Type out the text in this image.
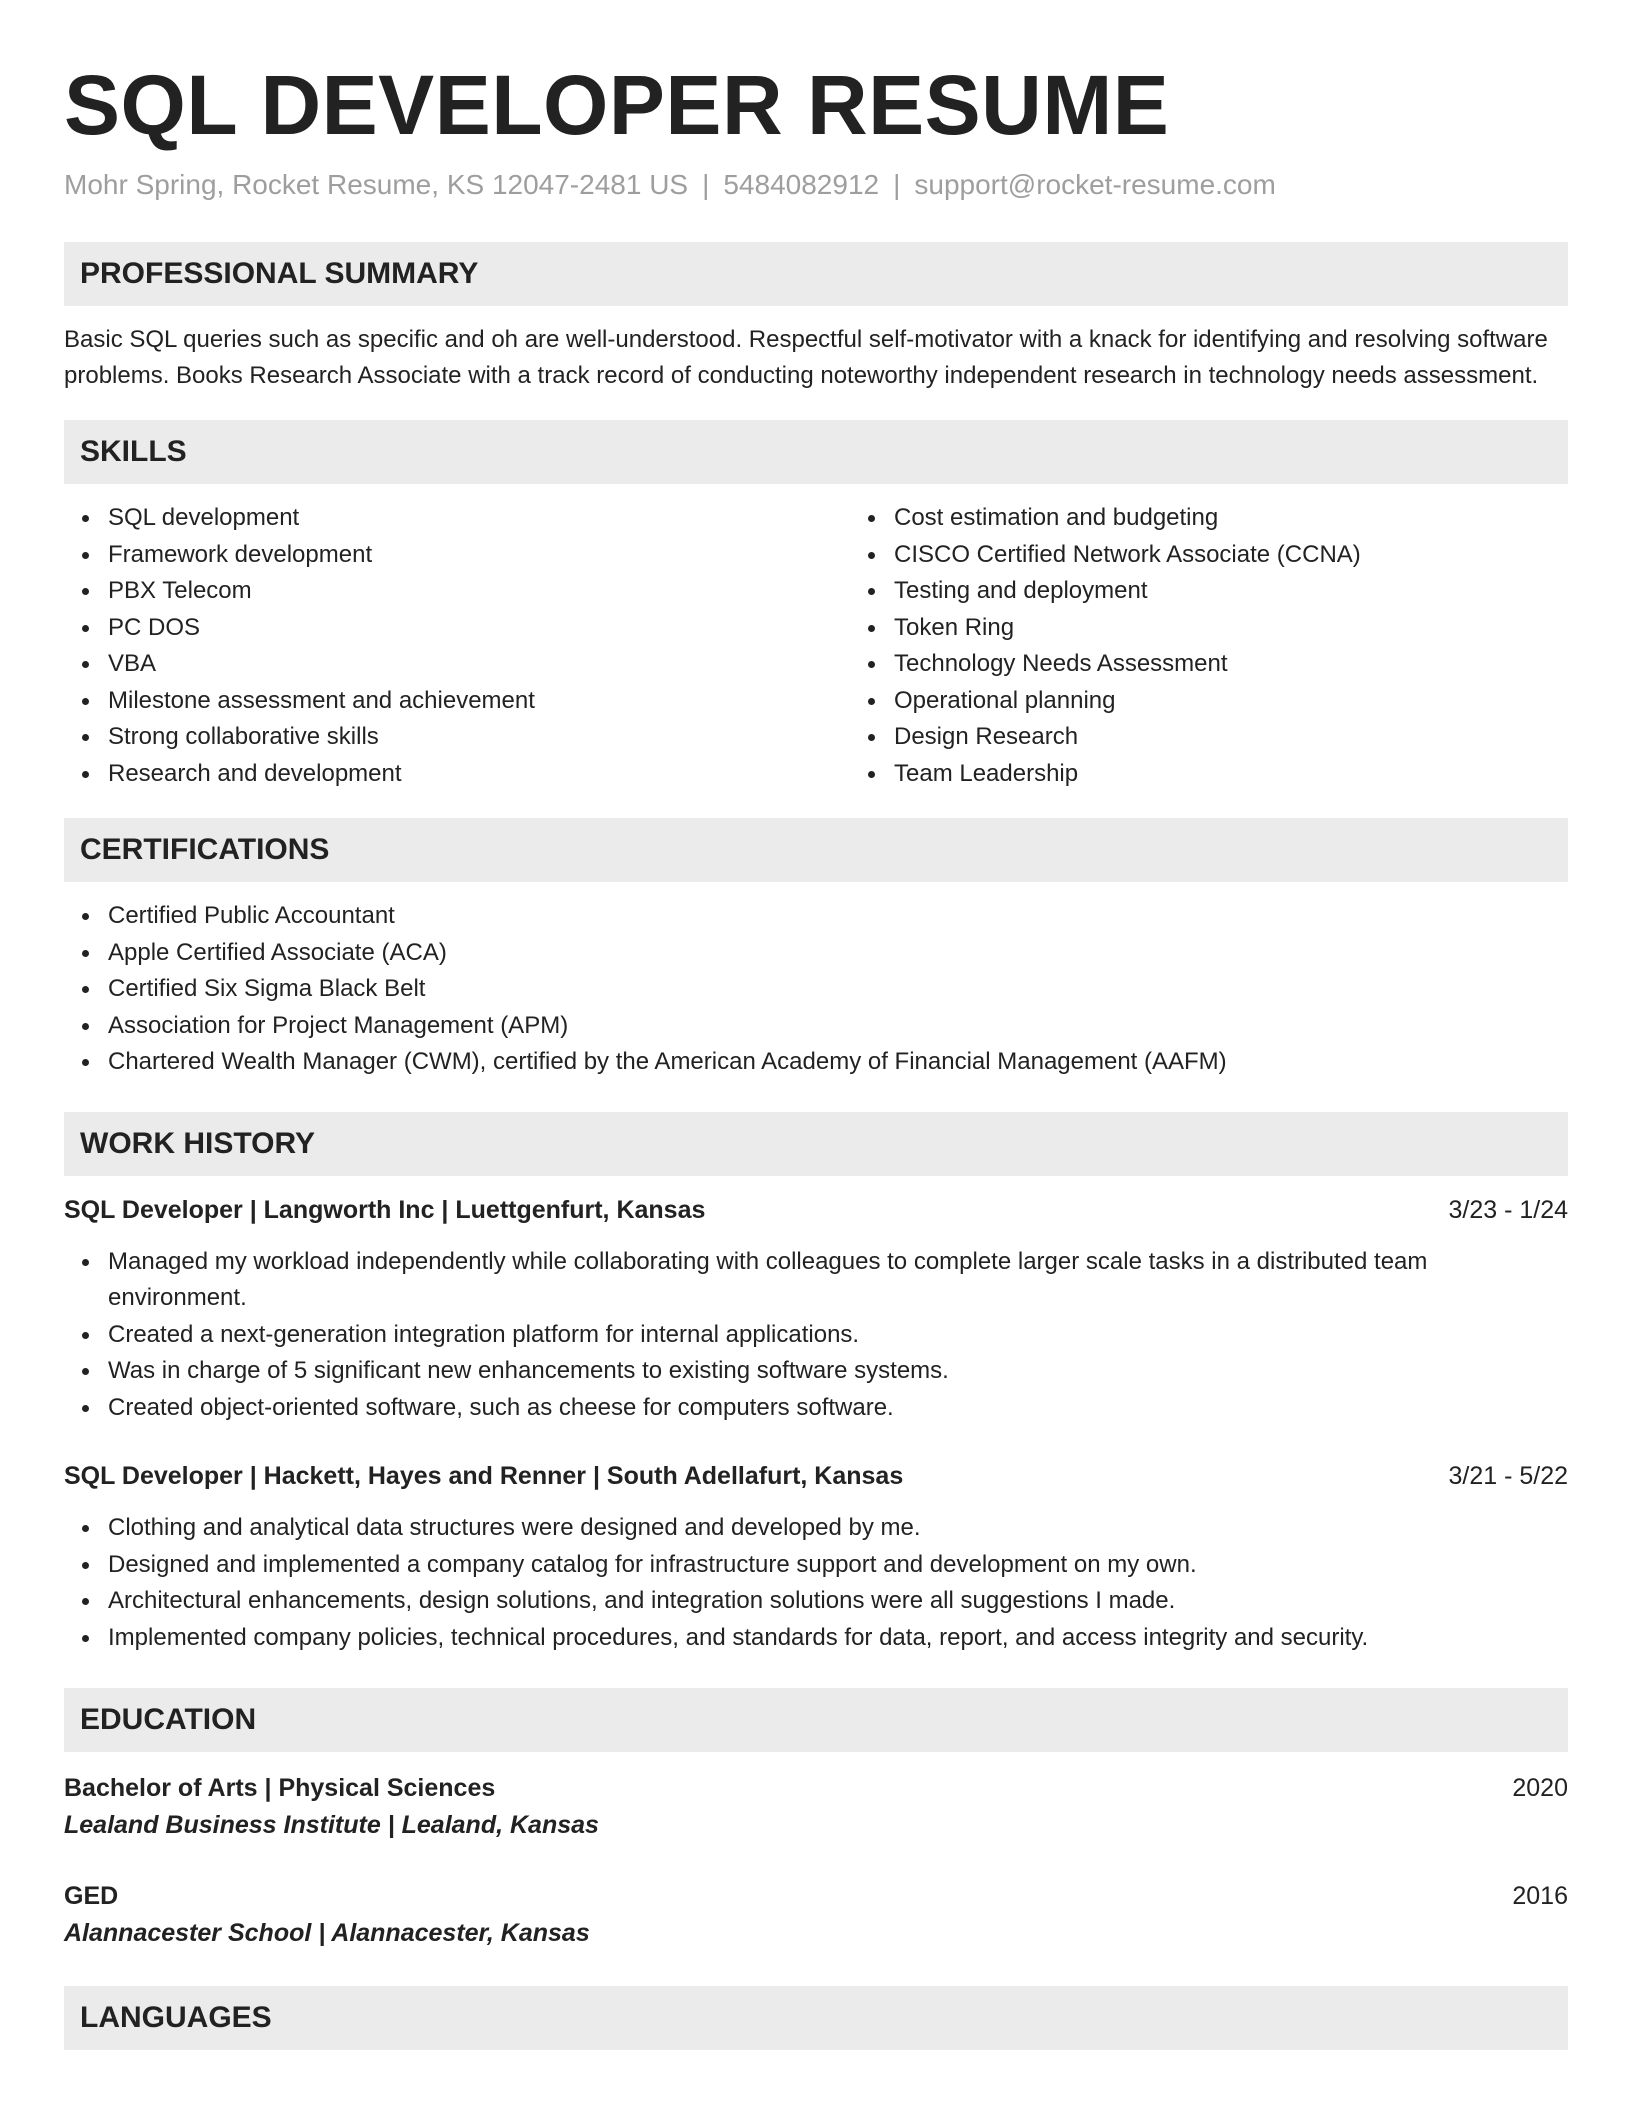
SQL DEVELOPER RESUME
Mohr Spring, Rocket Resume, KS 12047-2481 US | 5484082912 | support@rocket-resume.com
PROFESSIONAL SUMMARY

Basic SQL queries such as specific and oh are well-understood. Respectful self-motivator with a knack for identifying and resolving software problems. Books Research Associate with a track record of conducting noteworthy independent research in technology needs assessment.

SKILLS
SQL development
Framework development
PBX Telecom
PC DOS
VBA
Milestone assessment and achievement
Strong collaborative skills
Research and development
Cost estimation and budgeting
CISCO Certified Network Associate (CCNA)
Testing and deployment
Token Ring
Technology Needs Assessment
Operational planning
Design Research
Team Leadership
CERTIFICATIONS
Certified Public Accountant
Apple Certified Associate (ACA)
Certified Six Sigma Black Belt
Association for Project Management (APM)
Chartered Wealth Manager (CWM), certified by the American Academy of Financial Management (AAFM)
WORK HISTORY
SQL Developer | Langworth Inc | Luettgenfurt, Kansas	3/23 - 1/24
Managed my workload independently while collaborating with colleagues to complete larger scale tasks in a distributed team environment.
Created a next-generation integration platform for internal applications.
Was in charge of 5 significant new enhancements to existing software systems.
Created object-oriented software, such as cheese for computers software.
SQL Developer | Hackett, Hayes and Renner | South Adellafurt, Kansas	3/21 - 5/22
Clothing and analytical data structures were designed and developed by me.
Designed and implemented a company catalog for infrastructure support and development on my own.
Architectural enhancements, design solutions, and integration solutions were all suggestions I made.
Implemented company policies, technical procedures, and standards for data, report, and access integrity and security.
EDUCATION
Bachelor of Arts | Physical Sciences	2020
Lealand Business Institute | Lealand, Kansas
GED	2016
Alannacester School | Alannacester, Kansas
LANGUAGES
